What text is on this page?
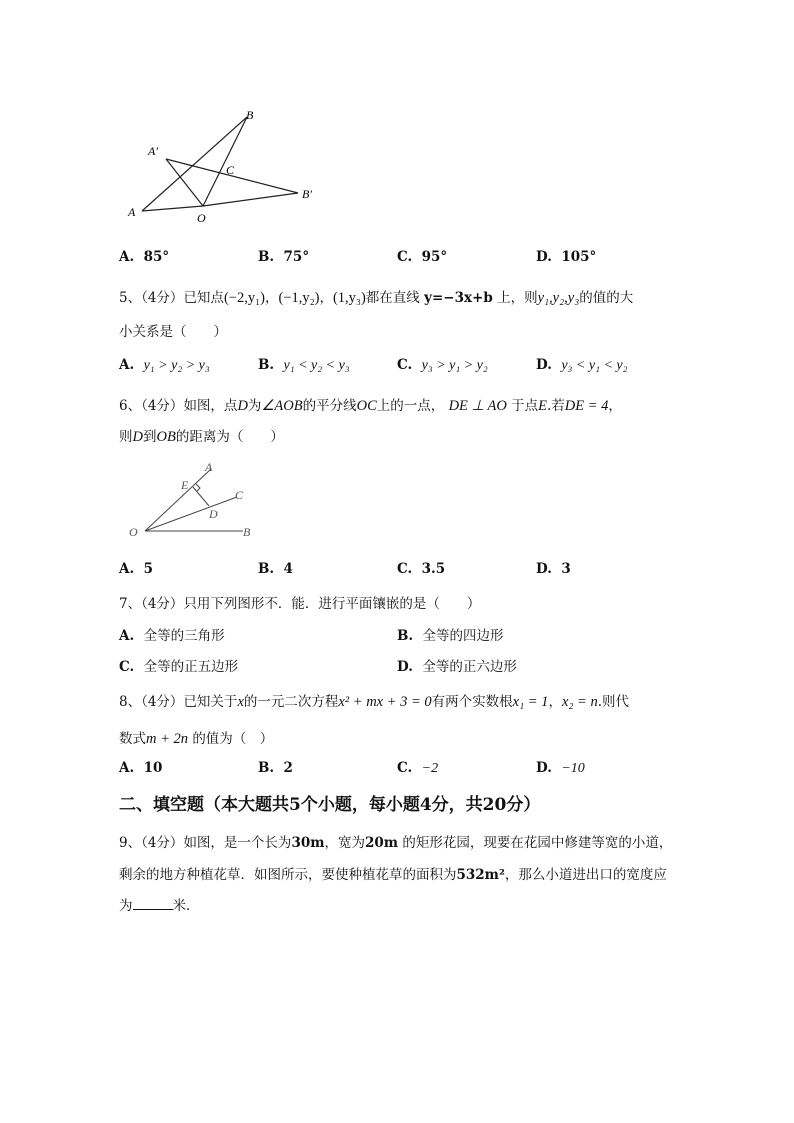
B
A′
C
B′
A	O
A. 85°	B. 75°	C. 95°	D. 105°
5、（4分）已知点(−2,y₁)，(−1,y₂)，(1,y₃)都在直线 y=−3x+b 上，则y₁,y₂,y₃的值的大
小关系是（　　）
A. y₁ > y₂ > y₃	B. y₁ < y₂ < y₃	C. y₃ > y₁ > y₂	D. y₃ < y₁ < y₂
6、（4分）如图，点D为∠AOB的平分线OC上的一点， DE ⊥ AO 于点E.若DE = 4，
则D到OB的距离为（　　）
A
E
C
D
O	B
A. 5	B. 4	C. 3.5	D. 3
7、（4分）只用下列图形不．能．进行平面镶嵌的是（　　）
A. 全等的三角形	B. 全等的四边形
C. 全等的正五边形	D. 全等的正六边形
8、（4分）已知关于x的一元二次方程x² + mx + 3 = 0有两个实数根x₁ = 1，x₂ = n.则代
数式m + 2n 的值为（　）
A. 10	B. 2	C. −2	D. −10
二、填空题（本大题共5个小题，每小题4分，共20分）
9、（4分）如图，是一个长为30m，宽为20m 的矩形花园，现要在花园中修建等宽的小道，
剩余的地方种植花草．如图所示，要使种植花草的面积为532m²，那么小道进出口的宽度应
为	米．
